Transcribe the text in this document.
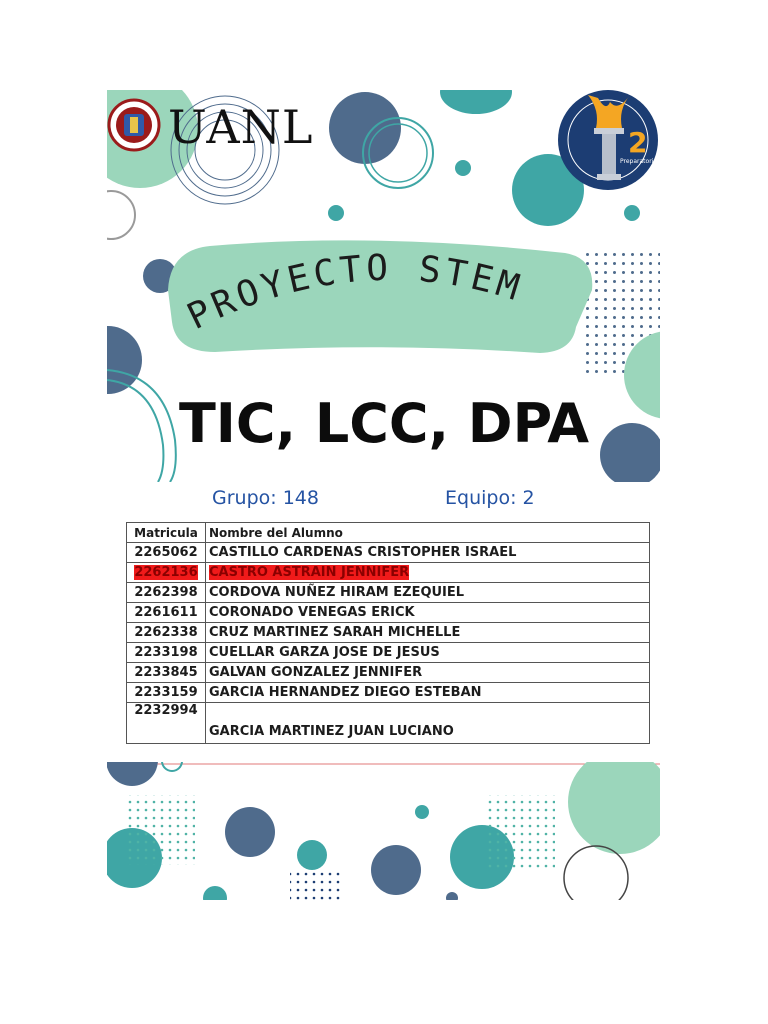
2
Preparatoria
PROYECTO STEM
UANL
TIC, LCC, DPA
Grupo: 148	Equipo: 2
Matricula	Nombre del Alumno
2265062	CASTILLO CARDENAS CRISTOPHER ISRAEL
2262136	CASTRO ASTRAIN JENNIFER
2262398	CORDOVA NUÑEZ HIRAM EZEQUIEL
2261611	CORONADO VENEGAS ERICK
2262338	CRUZ MARTINEZ SARAH MICHELLE
2233198	CUELLAR GARZA JOSE DE JESUS
2233845	GALVAN GONZALEZ JENNIFER
2233159	GARCIA HERNANDEZ DIEGO ESTEBAN
2232994	GARCIA MARTINEZ JUAN LUCIANO
